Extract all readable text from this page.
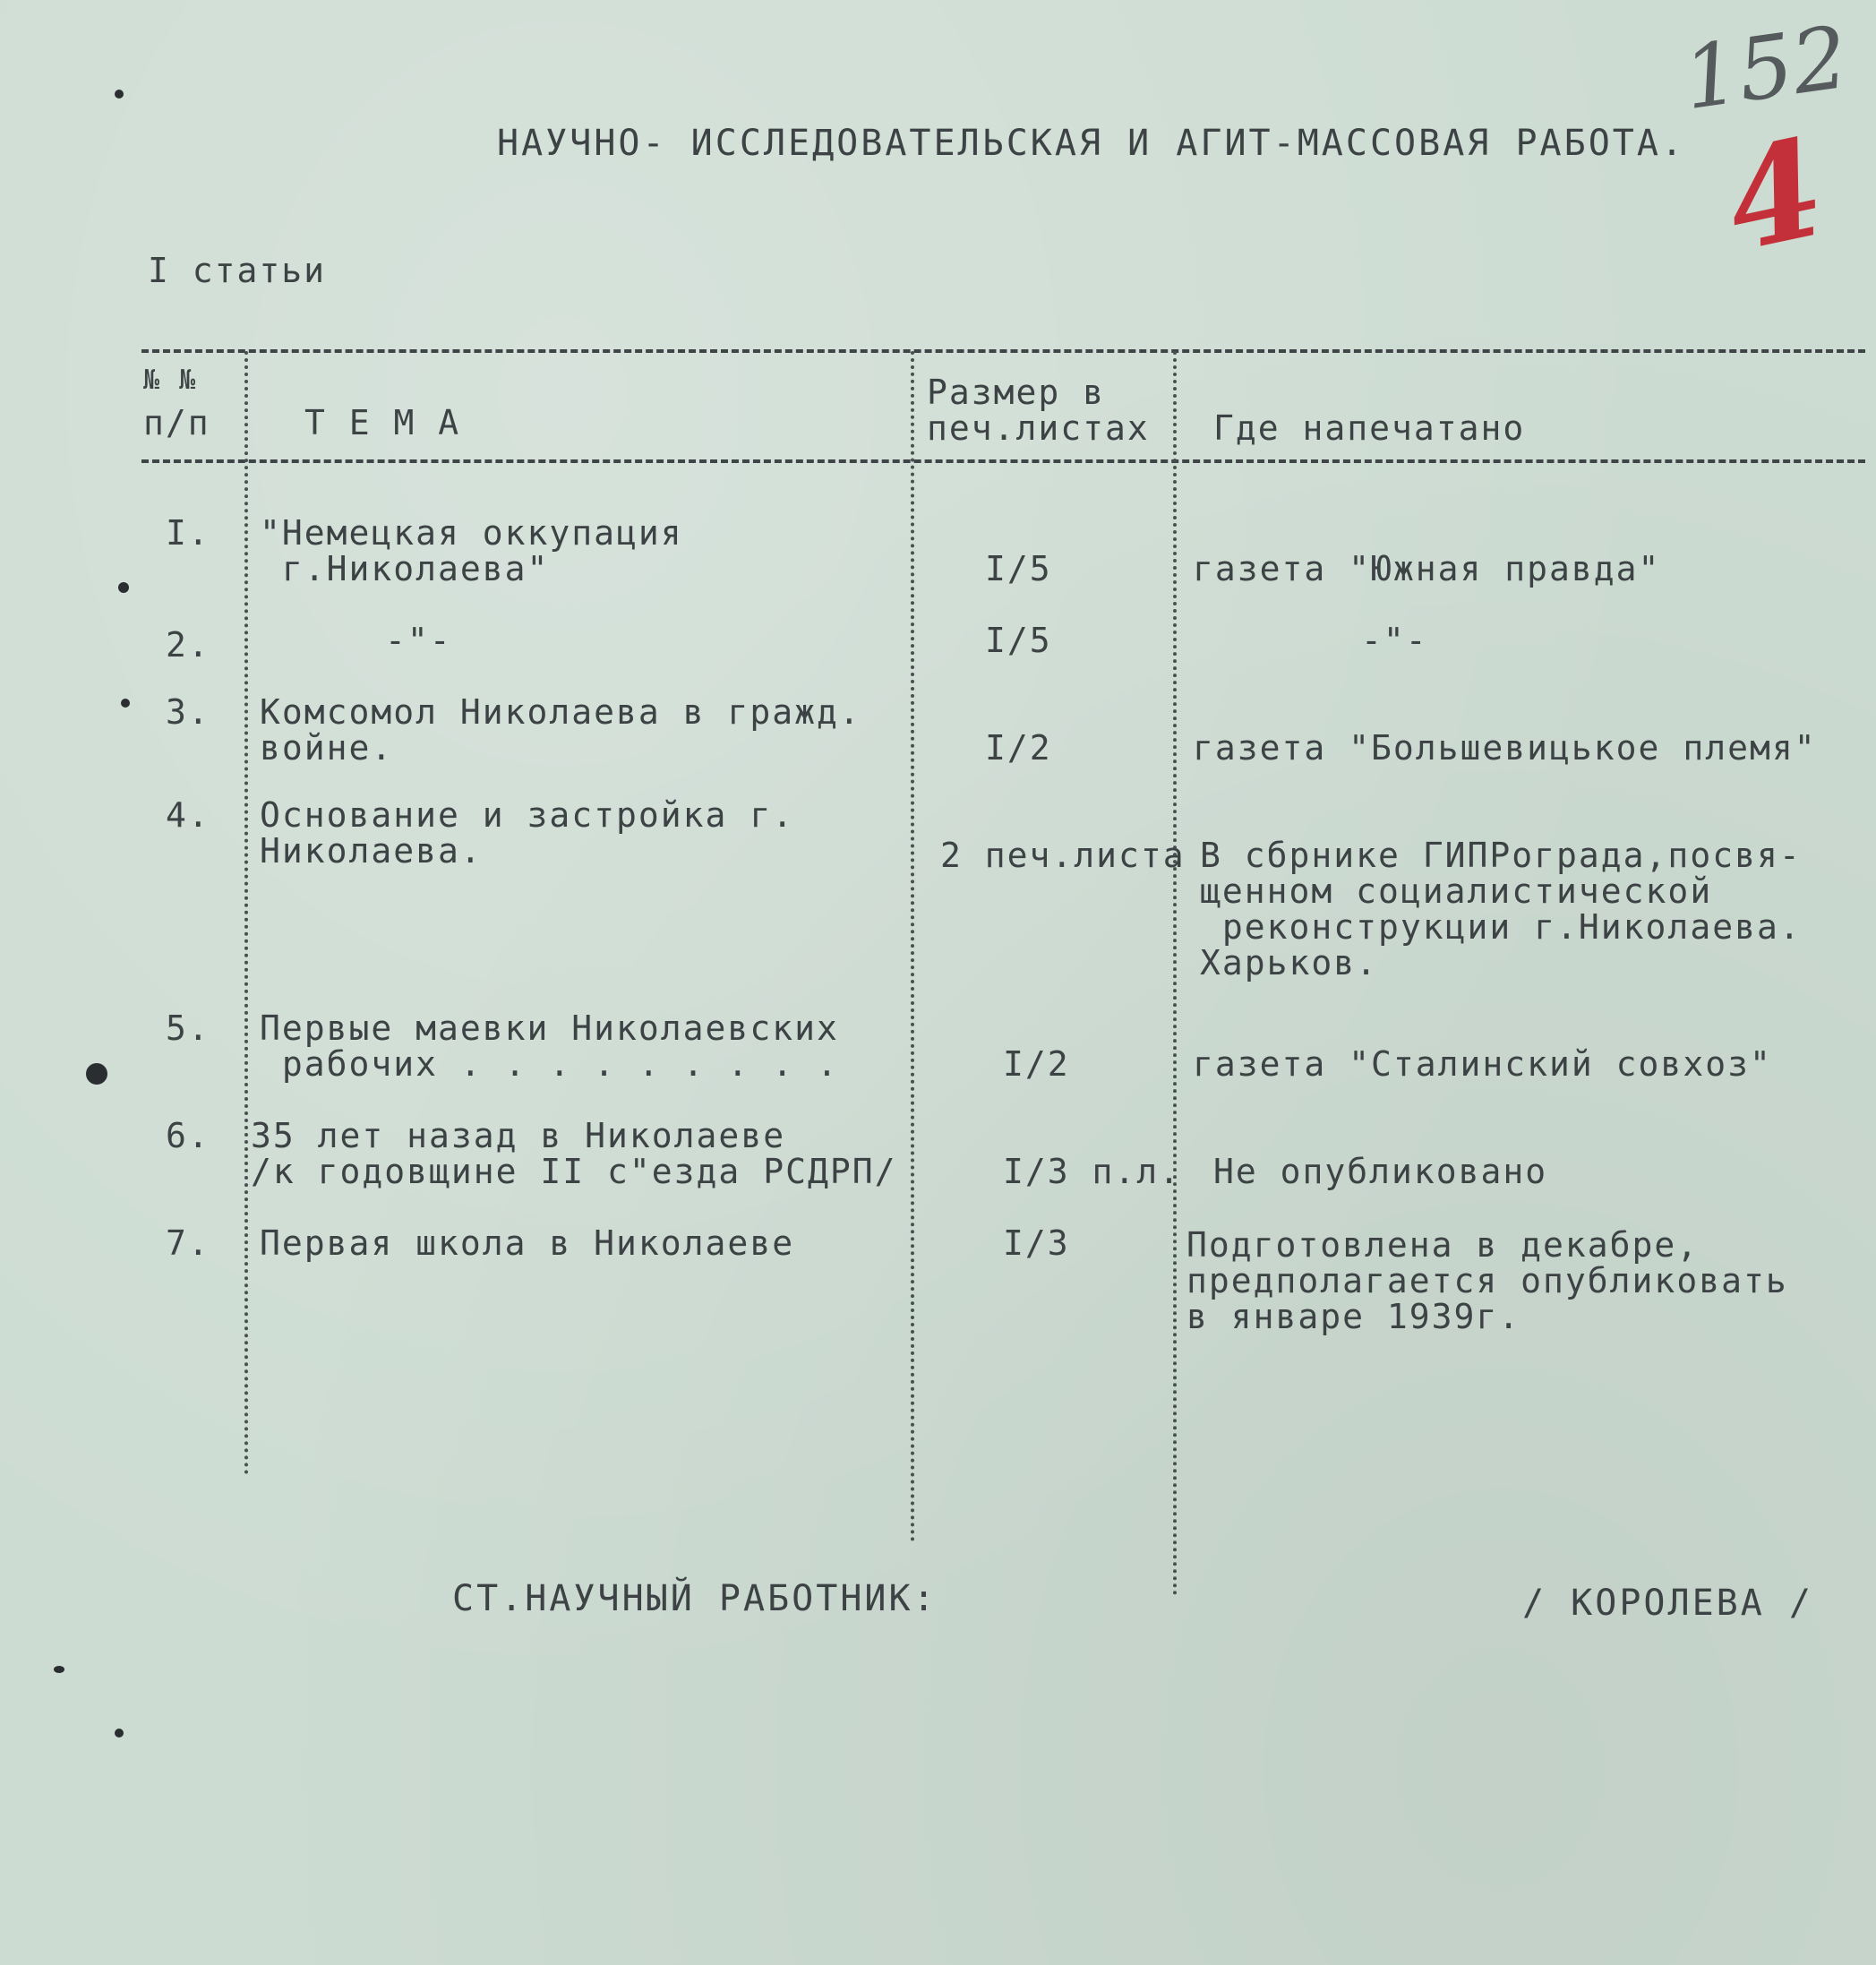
152
4
НАУЧНО- ИССЛЕДОВАТЕЛЬСКАЯ И АГИТ-МАССОВАЯ РАБОТА.
I статьи
№ №
п/п	Т Е М А
Размер в
печ.листах Где напечатано
I. "Немецкая оккупация
г.Николаева"	I/5	газета "Южная правда"
2.	-"-	I/5	-"-
3. Комсомол Николаева в гражд.
войне.	I/2	газета "Большевицькое племя"
4. Основание и застройка г.
Николаева.	2 печ.листа В сбрнике ГИПРограда,посвя-
щенном социалистической
реконструкции г.Николаева.
Харьков.
5. Первые маевки Николаевских
рабочих . . . . . . . . .	I/2	газета "Сталинский совхоз"
6. 35 лет назад в Николаеве
/к годовщине II с"езда РСДРП/	I/3 п.л. Не опубликовано
7. Первая школа в Николаеве	I/3	Подготовлена в декабре,
предполагается опубликовать
в январе 1939г.
СТ.НАУЧНЫЙ РАБОТНИК:	/ КОРОЛЕВА /
